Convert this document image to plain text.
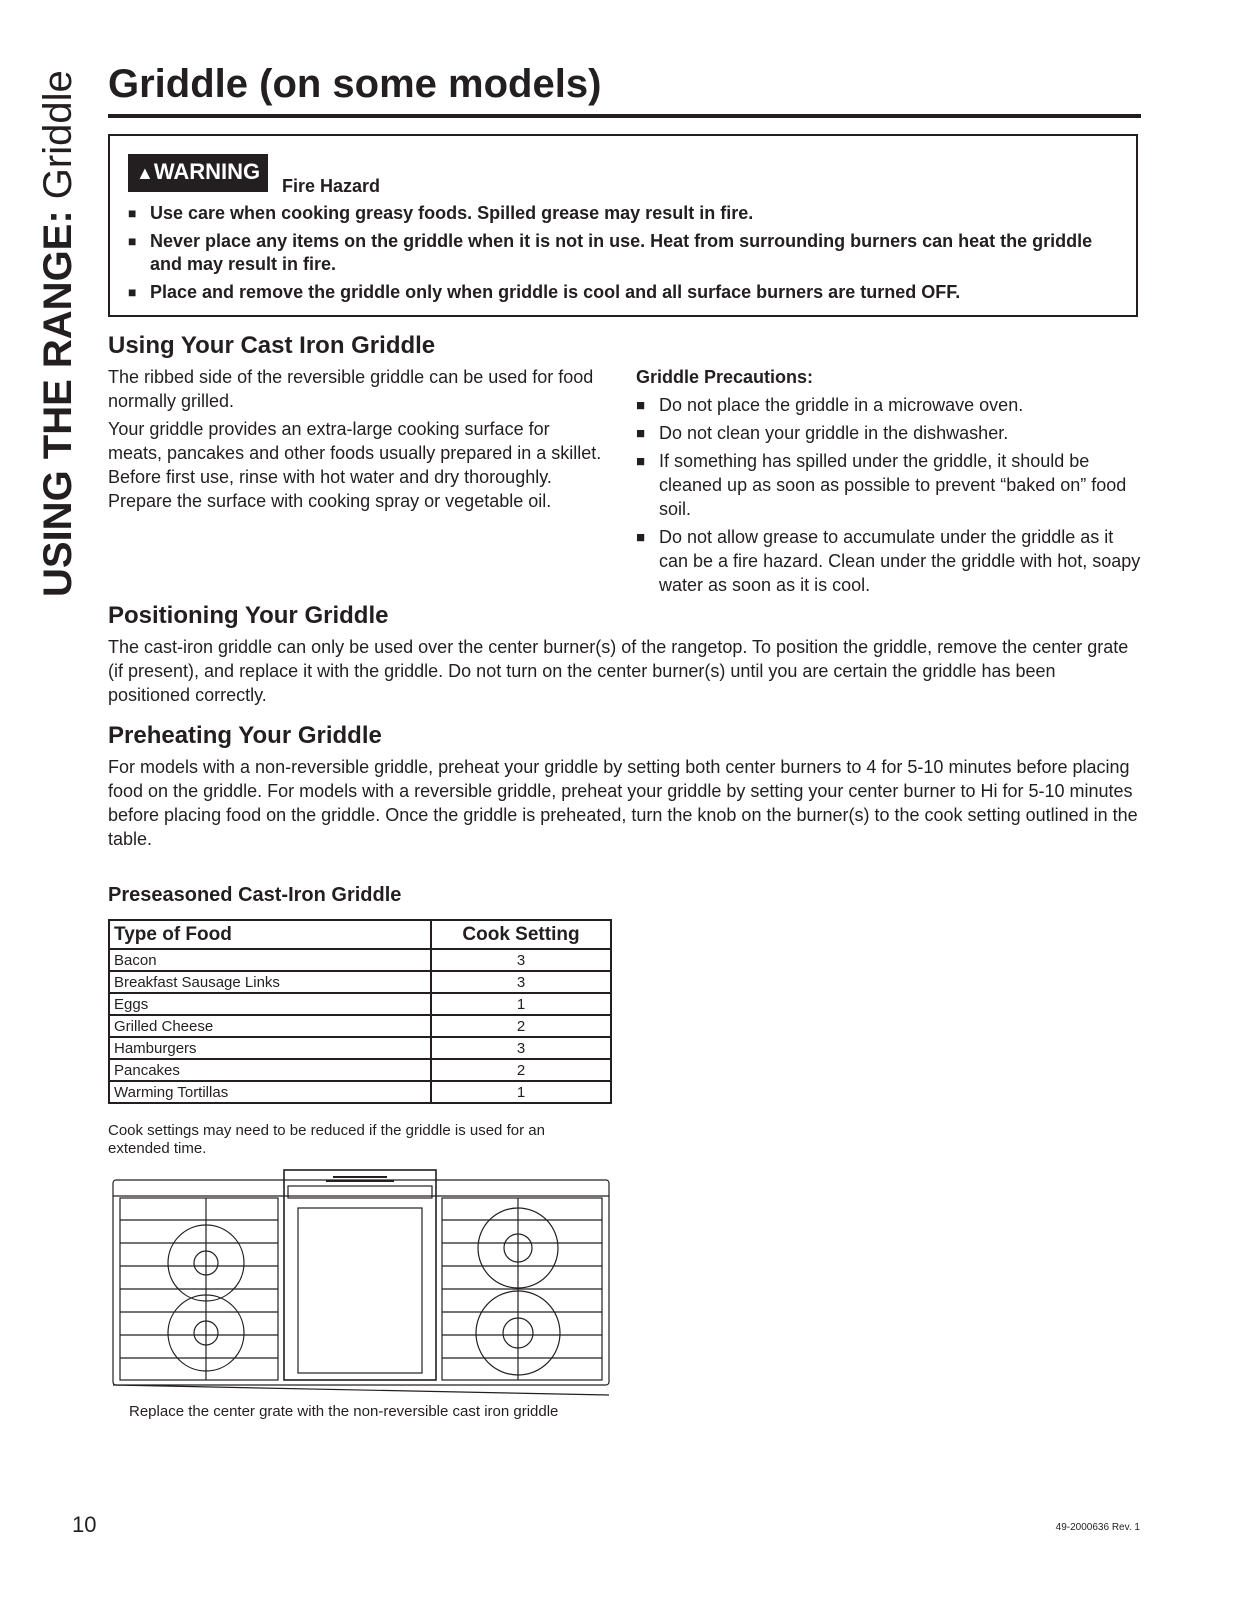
USING THE RANGE: Griddle Griddle (on some models)
▲WARNING
Fire Hazard
■ Use care when cooking greasy foods. Spilled grease may result in fire.
■ Never place any items on the griddle when it is not in use. Heat from surrounding burners can heat the griddle and may result in fire.
■ Place and remove the griddle only when griddle is cool and all surface burners are turned OFF.
Using Your Cast Iron Griddle

The ribbed side of the reversible griddle can be used for food normally grilled.

Your griddle provides an extra-large cooking surface for meats, pancakes and other foods usually prepared in a skillet. Before first use, rinse with hot water and dry thoroughly. Prepare the surface with cooking spray or vegetable oil.

Griddle Precautions:

■ Do not place the griddle in a microwave oven.
■ Do not clean your griddle in the dishwasher.
■ If something has spilled under the griddle, it should be cleaned up as soon as possible to prevent “baked on” food soil.
■ Do not allow grease to accumulate under the griddle as it can be a fire hazard. Clean under the griddle with hot, soapy water as soon as it is cool.
Positioning Your Griddle

The cast-iron griddle can only be used over the center burner(s) of the rangetop. To position the griddle, remove the center grate (if present), and replace it with the griddle. Do not turn on the center burner(s) until you are certain the griddle has been positioned correctly.

Preheating Your Griddle

For models with a non-reversible griddle, preheat your griddle by setting both center burners to 4 for 5-10 minutes before placing food on the griddle. For models with a reversible griddle, preheat your griddle by setting your center burner to Hi for 5-10 minutes before placing food on the griddle. Once the griddle is preheated, turn the knob on the burner(s) to the cook setting outlined in the table.

Preseasoned Cast-Iron Griddle
Type of Food	Cook Setting
Bacon	3
Breakfast Sausage Links	3
Eggs	1
Grilled Cheese	2
Hamburgers	3
Pancakes	2
Warming Tortillas	1

Cook settings may need to be reduced if the griddle is used for an extended time.

Replace the center grate with the non-reversible cast iron griddle
10	49-2000636 Rev. 1
